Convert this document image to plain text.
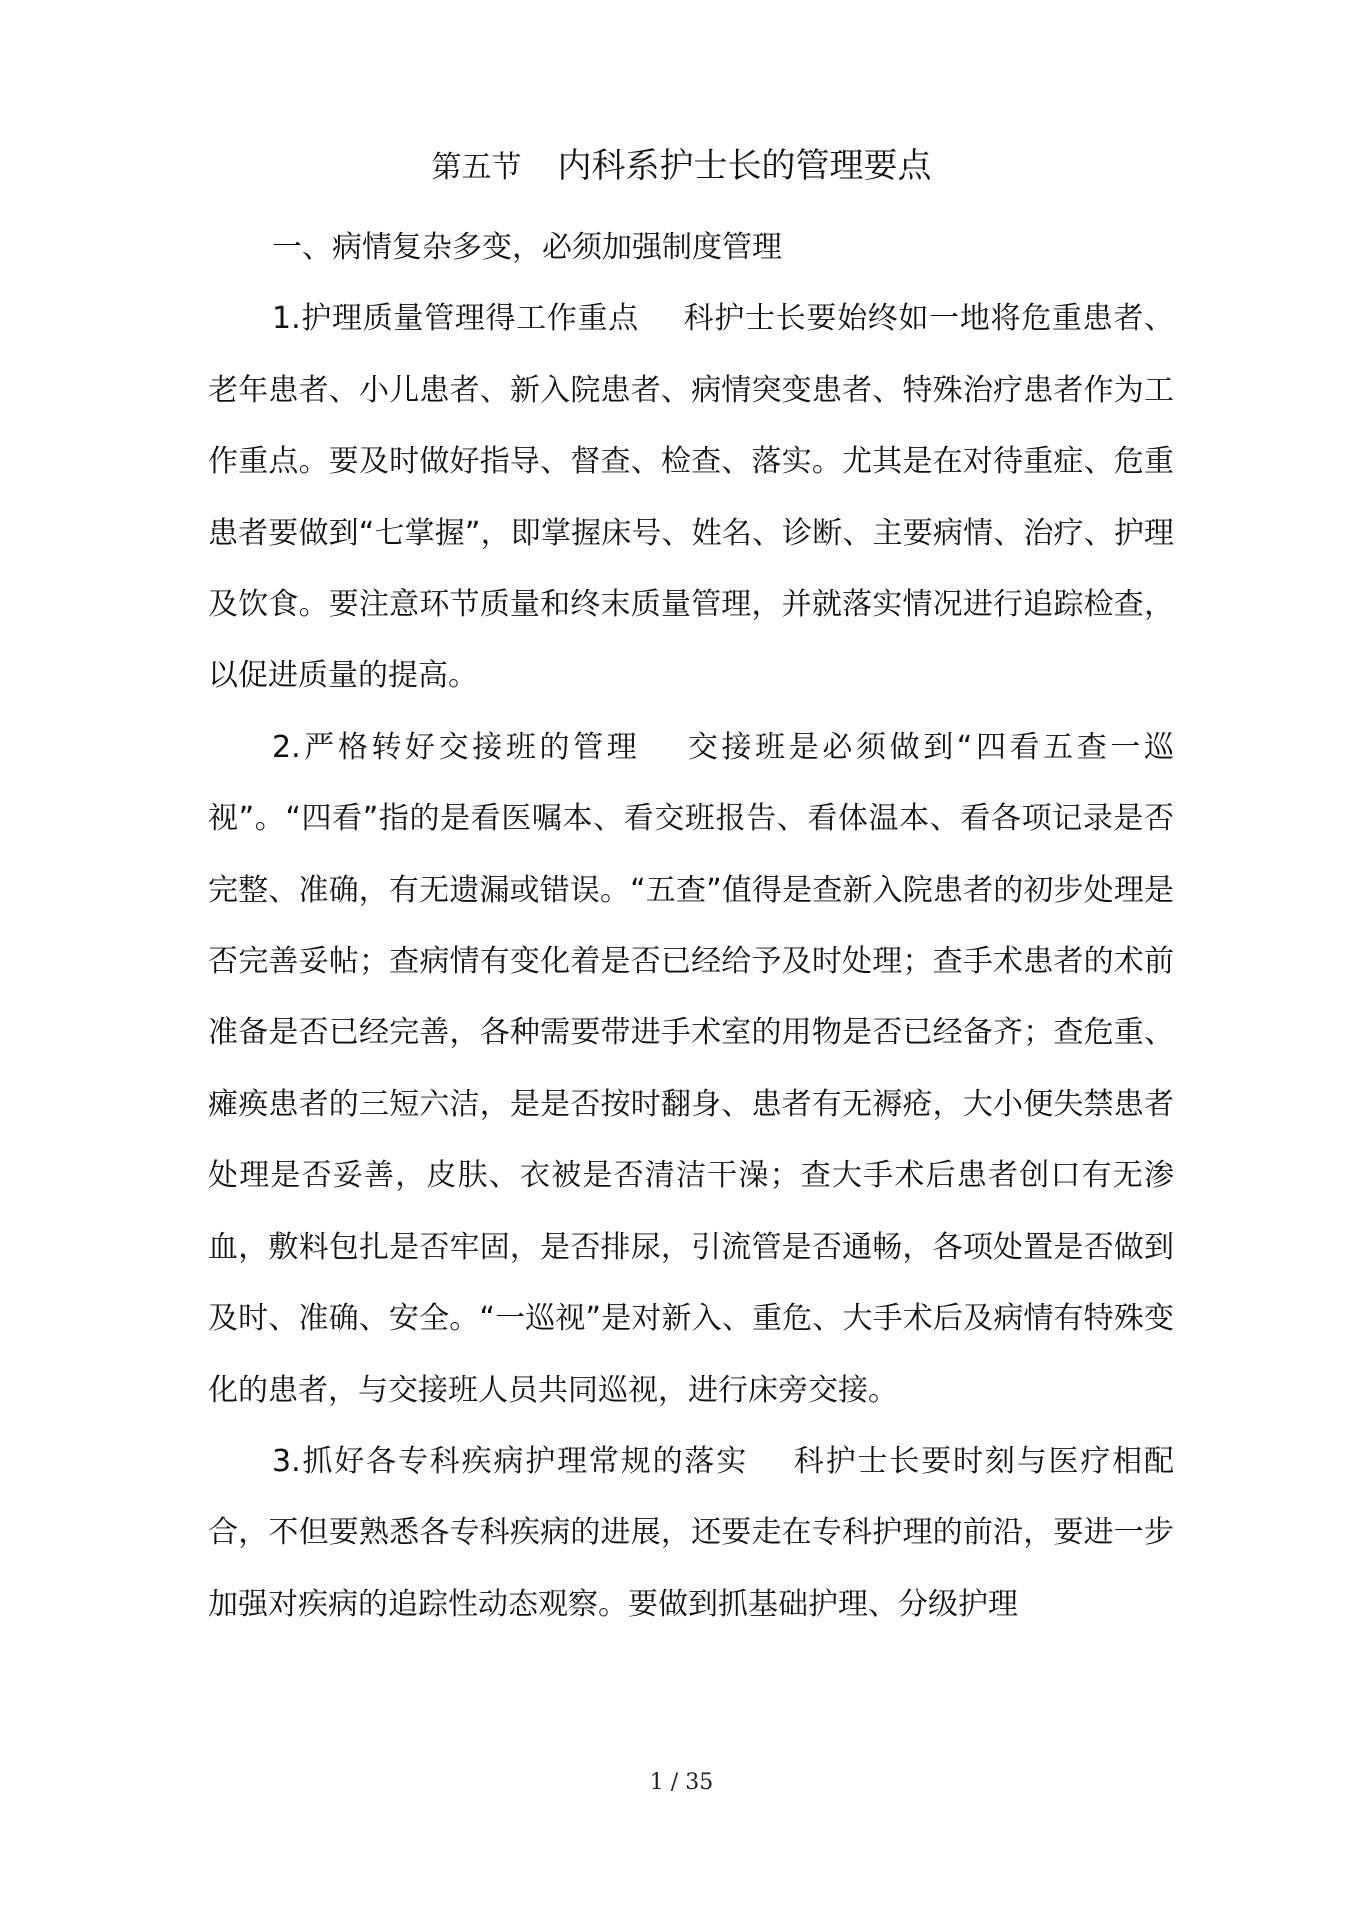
第五节 内科系护士长的管理要点

一、病情复杂多变，必须加强制度管理

1.护理质量管理得工作重点 科护士长要始终如一地将危重患者、老年患者、小儿患者、新入院患者、病情突变患者、特殊治疗患者作为工作重点。要及时做好指导、督查、检查、落实。尤其是在对待重症、危重患者要做到“七掌握”，即掌握床号、姓名、诊断、主要病情、治疗、护理及饮食。要注意环节质量和终末质量管理，并就落实情况进行追踪检查，以促进质量的提高。

2.严格转好交接班的管理 交接班是必须做到“四看五查一巡视”。“四看”指的是看医嘱本、看交班报告、看体温本、看各项记录是否完整、准确，有无遗漏或错误。“五查”值得是查新入院患者的初步处理是否完善妥帖；查病情有变化着是否已经给予及时处理；查手术患者的术前准备是否已经完善，各种需要带进手术室的用物是否已经备齐；查危重、瘫痪患者的三短六洁，是是否按时翻身、患者有无褥疮，大小便失禁患者处理是否妥善，皮肤、衣被是否清洁干澡；查大手术后患者创口有无渗血，敷料包扎是否牢固，是否排尿，引流管是否通畅，各项处置是否做到及时、准确、安全。“一巡视”是对新入、重危、大手术后及病情有特殊变化的患者，与交接班人员共同巡视，进行床旁交接。

3.抓好各专科疾病护理常规的落实 科护士长要时刻与医疗相配合，不但要熟悉各专科疾病的进展，还要走在专科护理的前沿，要进一步加强对疾病的追踪性动态观察。要做到抓基础护理、分级护理

1 / 35
